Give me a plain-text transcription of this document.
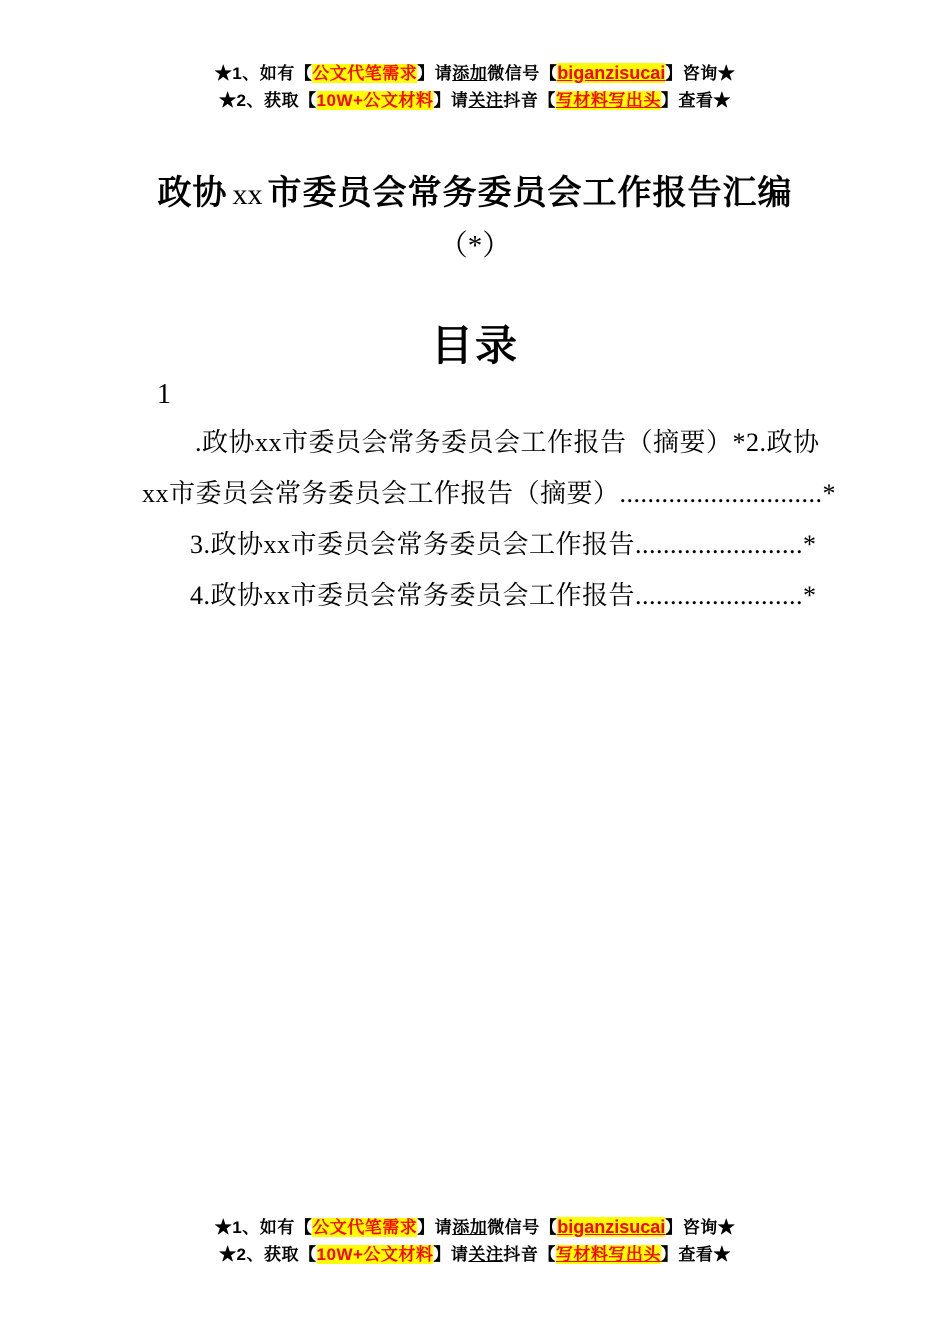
★1、如有【公文代笔需求】请添加微信号【biganzisucai】咨询★
★2、获取【10W+公文材料】请关注抖音【写材料写出头】查看★
政协 xx 市委员会常务委员会工作报告汇编
（*）
目录
1
.政协xx市委员会常务委员会工作报告（摘要）*2.政协
xx市委员会常务委员会工作报告（摘要）.............................*
3.政协xx市委员会常务委员会工作报告........................*
4.政协xx市委员会常务委员会工作报告........................*
★1、如有【公文代笔需求】请添加微信号【biganzisucai】咨询★
★2、获取【10W+公文材料】请关注抖音【写材料写出头】查看★
